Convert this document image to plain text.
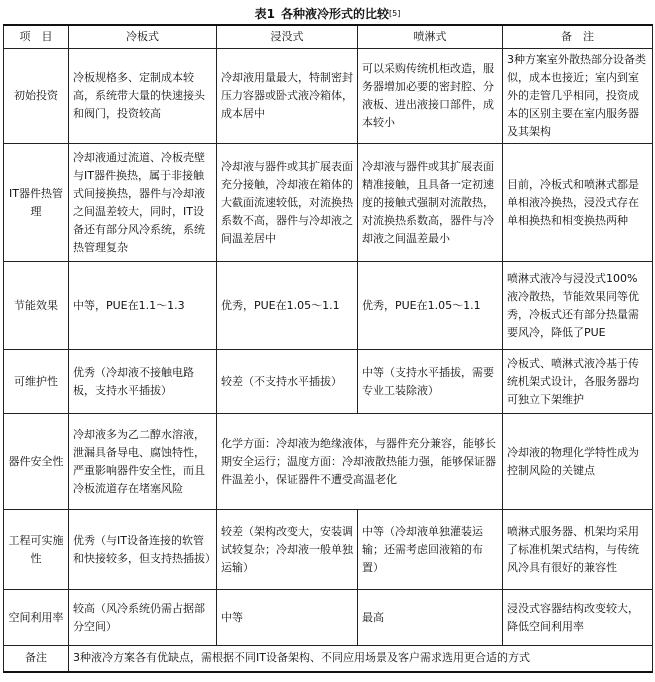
表1 各种液冷形式的比较 [5]
项　目	冷板式	浸没式	喷淋式	备　注
初始投资	冷板规格多、定制成本较高，系统带大量的快速接头和阀门，投资较高	冷却液用量最大，特制密封压力容器或卧式液冷箱体，成本居中	可以采购传统机柜改造，服务器增加必要的密封腔、分液板、进出液接口部件，成本较小	3种方案室外散热部分设备类似，成本也接近；室内到室外的走管几乎相同，投资成本的区别主要在室内服务器及其架构
IT器件热管理	冷却液通过流道、冷板壳壁与IT器件换热，属于非接触式间接换热，器件与冷却液之间温差较大，同时，IT设备还有部分风冷系统，系统热管理复杂	冷却液与器件或其扩展表面充分接触，冷却液在箱体的大截面流速较低，对流换热系数不高，器件与冷却液之间温差居中	冷却液与器件或其扩展表面精准接触，且具备一定初速度的接触式强制对流散热，对流换热系数高，器件与冷却液之间温差最小	目前，冷板式和喷淋式都是单相液冷换热，浸没式存在单相换热和相变换热两种
节能效果	中等，PUE在1.1～1.3	优秀，PUE在1.05～1.1	优秀，PUE在1.05～1.1	喷淋式液冷与浸没式100%液冷散热，节能效果同等优秀，冷板式还有部分热量需要风冷，降低了PUE
可维护性	优秀（冷却液不接触电路板，支持水平插拔）	较差（不支持水平插拔）	中等（支持水平插拔，需要专业工装除液）	冷板式、喷淋式液冷基于传统机架式设计，各服务器均可独立下架维护
器件安全性	冷却液多为乙二醇水溶液，泄漏具备导电、腐蚀特性，严重影响器件安全性，而且冷板流道存在堵塞风险	化学方面：冷却液为绝缘液体，与器件充分兼容，能够长期安全运行；温度方面：冷却液散热能力强，能够保证器件温差小，保证器件不遭受高温老化		冷却液的物理化学特性成为控制风险的关键点
工程可实施性	优秀（与IT设备连接的软管和快接较多，但支持热插拔）	较差（架构改变大，安装调试较复杂；冷却液一般单独运输）	中等（冷却液单独灌装运输；还需考虑回液箱的布置）	喷淋式服务器、机架均采用了标准机架式结构，与传统风冷具有很好的兼容性
空间利用率	较高（风冷系统仍需占据部分空间）	中等	最高	浸没式容器结构改变较大，降低空间利用率
备注	3种液冷方案各有优缺点，需根据不同IT设备架构、不同应用场景及客户需求选用更合适的方式			
